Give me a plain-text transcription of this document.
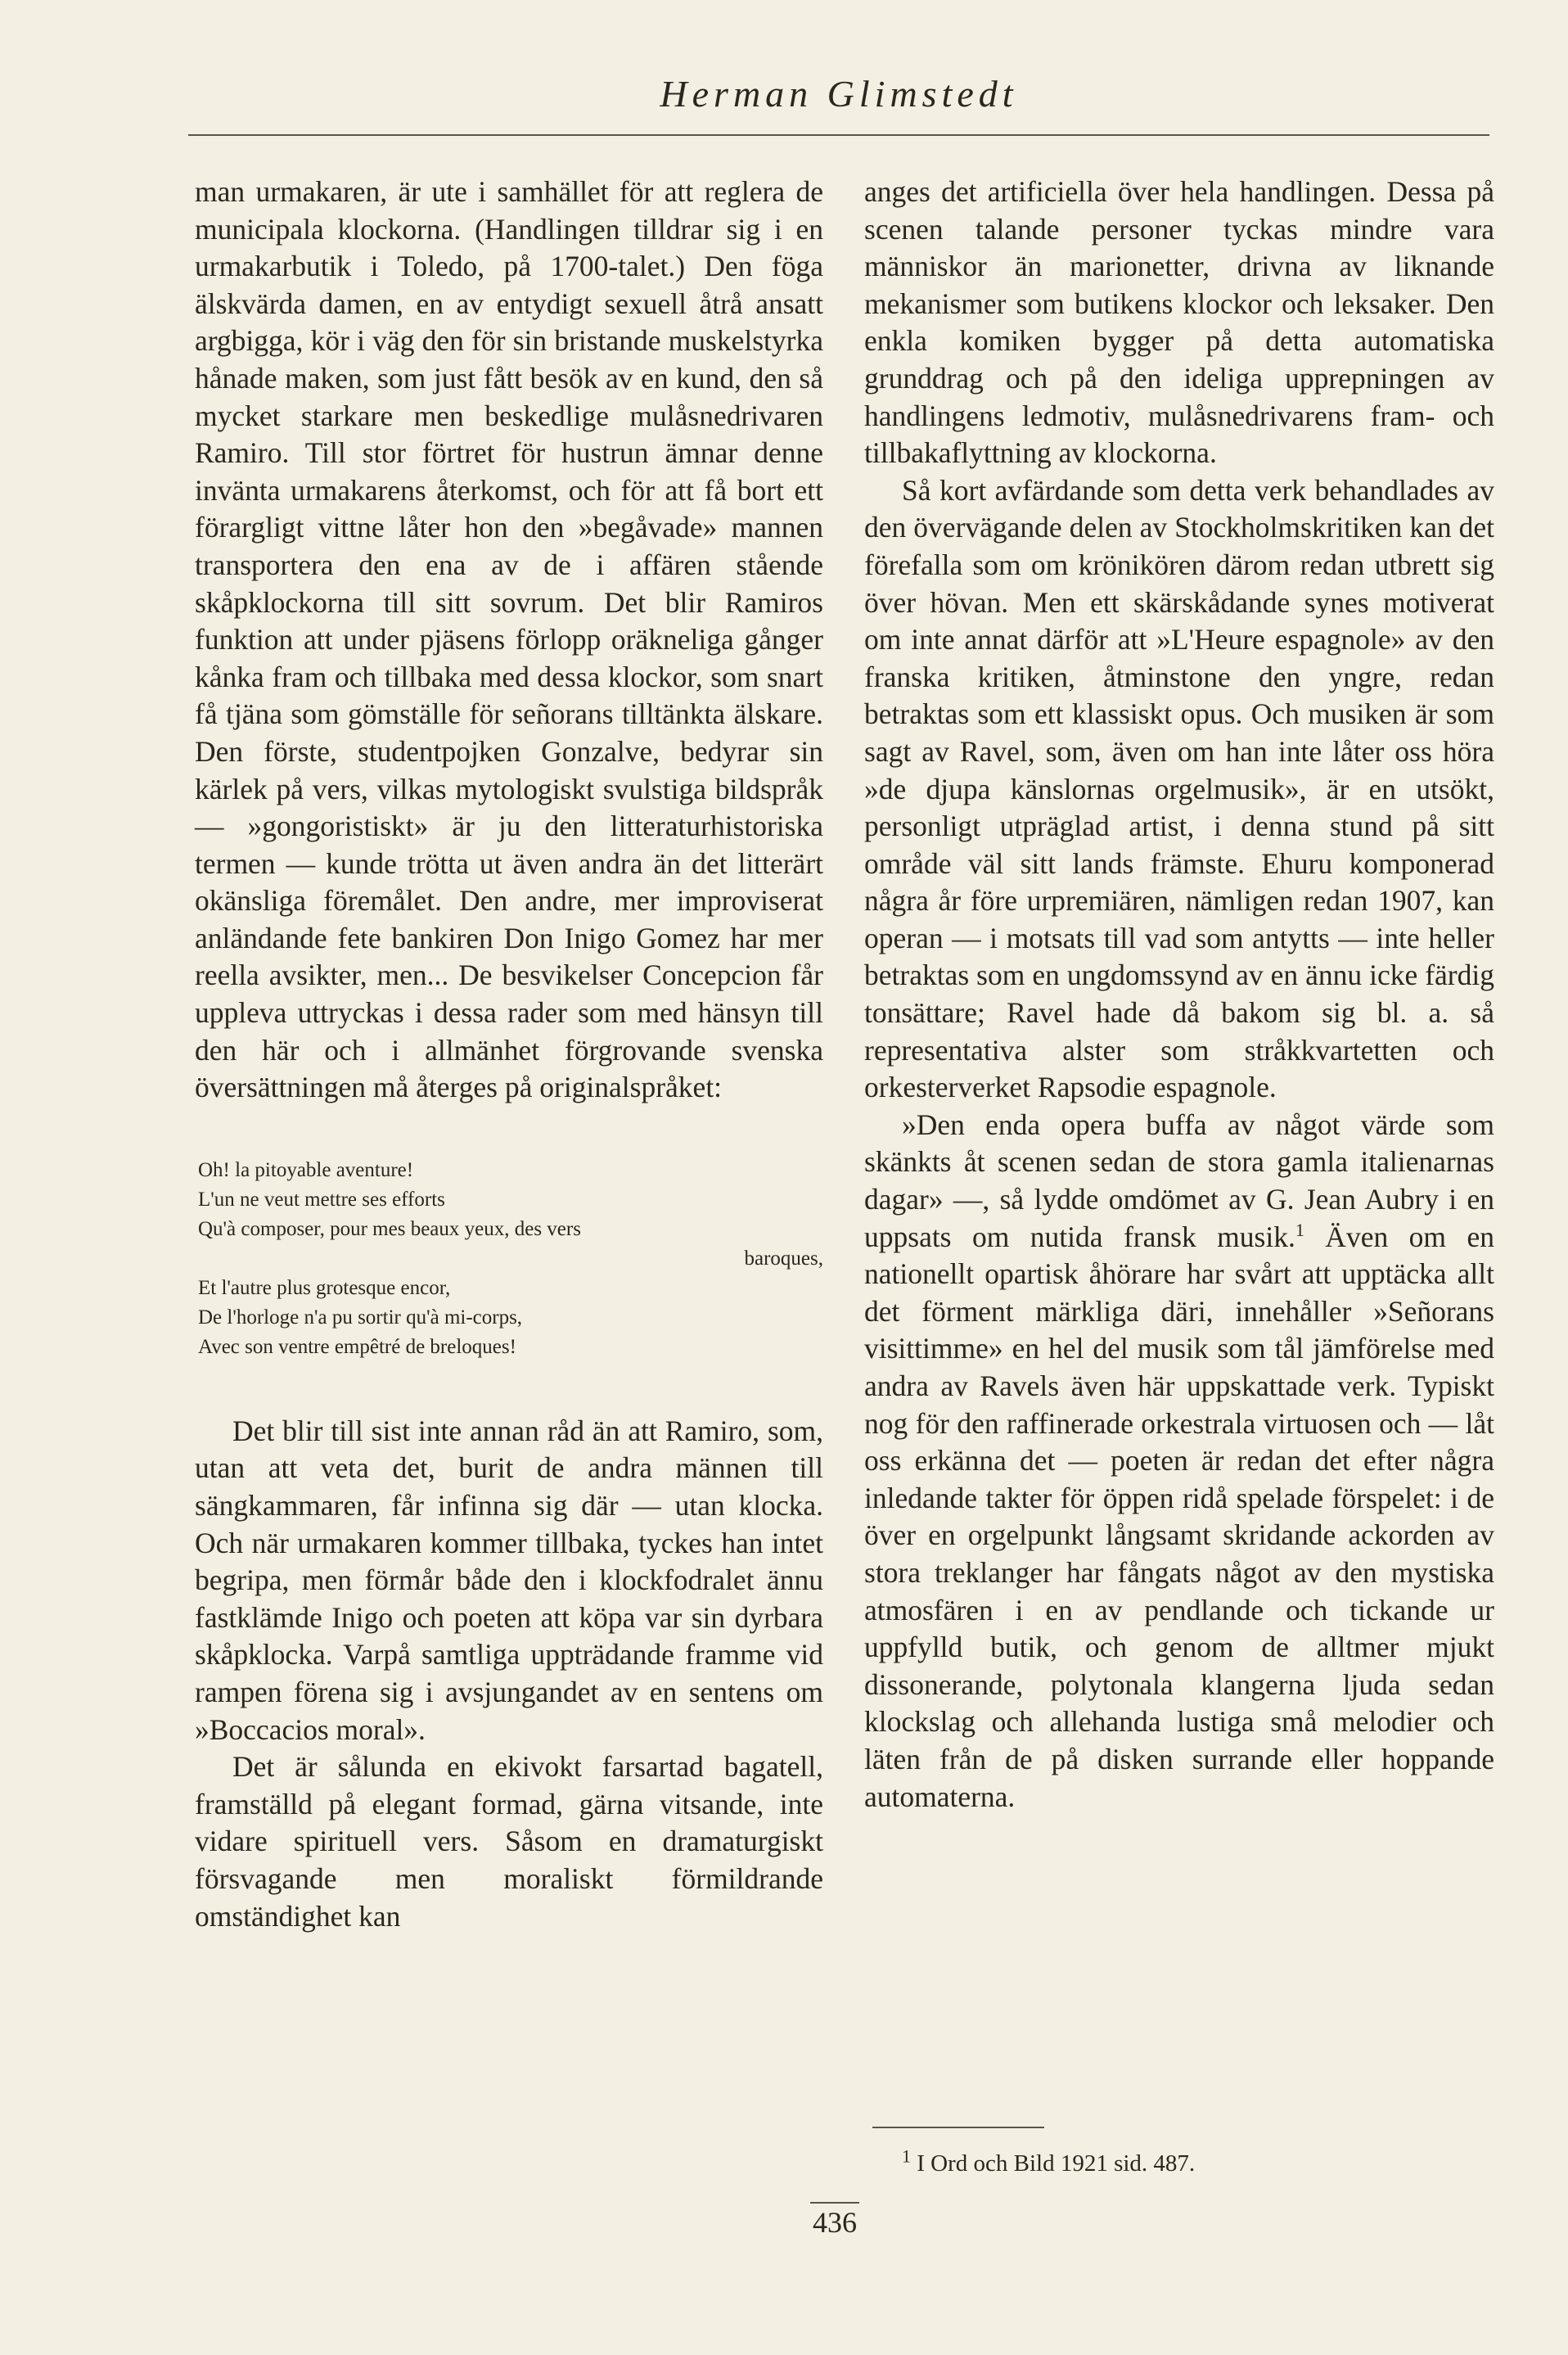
Herman Glimstedt

man urmakaren, är ute i samhället för att reglera de municipala klockorna. (Handlingen tilldrar sig i en urmakarbutik i Toledo, på 1700-talet.) Den föga älskvärda damen, en av entydigt sexuell åtrå ansatt argbigga, kör i väg den för sin bristande muskelstyrka hånade maken, som just fått besök av en kund, den så mycket starkare men beskedlige mulåsnedrivaren Ramiro. Till stor förtret för hustrun ämnar denne invänta urmakarens återkomst, och för att få bort ett förargligt vittne låter hon den »begåvade» mannen transportera den ena av de i affären stående skåpklockorna till sitt sovrum. Det blir Ramiros funktion att under pjäsens förlopp oräkneliga gånger kånka fram och tillbaka med dessa klockor, som snart få tjäna som gömställe för señorans tilltänkta älskare. Den förste, studentpojken Gonzalve, bedyrar sin kärlek på vers, vilkas mytologiskt svulstiga bildspråk — »gongoristiskt» är ju den litteraturhistoriska termen — kunde trötta ut även andra än det litterärt okänsliga föremålet. Den andre, mer improviserat anländande fete bankiren Don Inigo Gomez har mer reella avsikter, men... De besvikelser Concepcion får uppleva uttryckas i dessa rader som med hänsyn till den här och i allmänhet förgrovande svenska översättningen må återges på originalspråket:

Oh! la pitoyable aventure!
L'un ne veut mettre ses efforts
Qu'à composer, pour mes beaux yeux, des vers
baroques,
Et l'autre plus grotesque encor,
De l'horloge n'a pu sortir qu'à mi-corps,
Avec son ventre empêtré de breloques!

Det blir till sist inte annan råd än att Ramiro, som, utan att veta det, burit de andra männen till sängkammaren, får infinna sig där — utan klocka. Och när urmakaren kommer tillbaka, tyckes han intet begripa, men förmår både den i klockfodralet ännu fastklämde Inigo och poeten att köpa var sin dyrbara skåpklocka. Varpå samtliga uppträdande framme vid rampen förena sig i avsjungandet av en sentens om »Boccacios moral».

Det är sålunda en ekivokt farsartad bagatell, framställd på elegant formad, gärna vitsande, inte vidare spirituell vers. Såsom en dramaturgiskt försvagande men moraliskt förmildrande omständighet kan

anges det artificiella över hela handlingen. Dessa på scenen talande personer tyckas mindre vara människor än marionetter, drivna av liknande mekanismer som butikens klockor och leksaker. Den enkla komiken bygger på detta automatiska grunddrag och på den ideliga upprepningen av handlingens ledmotiv, mulåsnedrivarens fram- och tillbakaflyttning av klockorna.

Så kort avfärdande som detta verk behandlades av den övervägande delen av Stockholmskritiken kan det förefalla som om krönikören därom redan utbrett sig över hövan. Men ett skärskådande synes motiverat om inte annat därför att »L'Heure espagnole» av den franska kritiken, åtminstone den yngre, redan betraktas som ett klassiskt opus. Och musiken är som sagt av Ravel, som, även om han inte låter oss höra »de djupa känslornas orgelmusik», är en utsökt, personligt utpräglad artist, i denna stund på sitt område väl sitt lands främste. Ehuru komponerad några år före urpremiären, nämligen redan 1907, kan operan — i motsats till vad som antytts — inte heller betraktas som en ungdomssynd av en ännu icke färdig tonsättare; Ravel hade då bakom sig bl. a. så representativa alster som stråkkvartetten och orkesterverket Rapsodie espagnole.

»Den enda opera buffa av något värde som skänkts åt scenen sedan de stora gamla italienarnas dagar» —, så lydde omdömet av G. Jean Aubry i en uppsats om nutida fransk musik.$^1$ Även om en nationellt opartisk åhörare har svårt att upptäcka allt det förment märkliga däri, innehåller »Señorans visittimme» en hel del musik som tål jämförelse med andra av Ravels även här uppskattade verk. Typiskt nog för den raffinerade orkestrala virtuosen och — låt oss erkänna det — poeten är redan det efter några inledande takter för öppen ridå spelade förspelet: i de över en orgelpunkt långsamt skridande ackorden av stora treklanger har fångats något av den mystiska atmosfären i en av pendlande och tickande ur uppfylld butik, och genom de alltmer mjukt dissonerande, polytonala klangerna ljuda sedan klockslag och allehanda lustiga små melodier och läten från de på disken surrande eller hoppande automaterna.

$^1$ I Ord och Bild 1921 sid. 487.
436
